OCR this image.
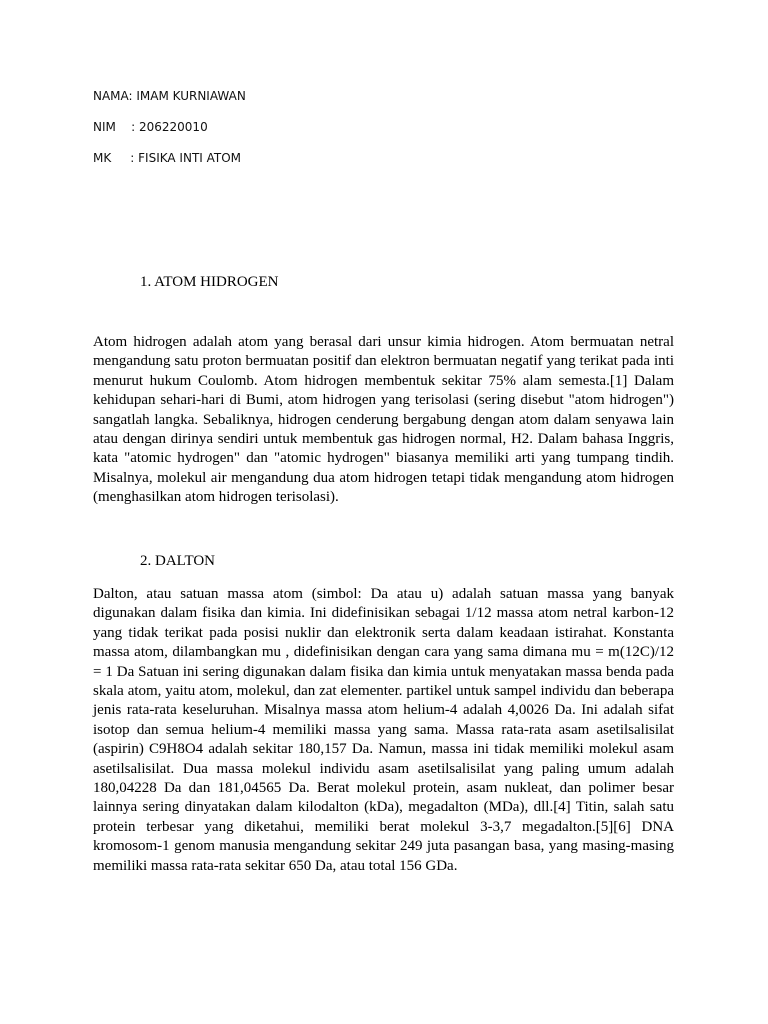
NAMA: IMAM KURNIAWAN
NIM    : 206220010
MK     : FISIKA INTI ATOM
1. ATOM HIDROGEN

Atom hidrogen adalah atom yang berasal dari unsur kimia hidrogen. Atom bermuatan netral mengandung satu proton bermuatan positif dan elektron bermuatan negatif yang terikat pada inti menurut hukum Coulomb. Atom hidrogen membentuk sekitar 75% alam semesta.[1] Dalam kehidupan sehari-hari di Bumi, atom hidrogen yang terisolasi (sering disebut "atom hidrogen") sangatlah langka. Sebaliknya, hidrogen cenderung bergabung dengan atom dalam senyawa lain atau dengan dirinya sendiri untuk membentuk gas hidrogen normal, H2. Dalam bahasa Inggris, kata "atomic hydrogen" dan "atomic hydrogen" biasanya memiliki arti yang tumpang tindih. Misalnya, molekul air mengandung dua atom hidrogen tetapi tidak mengandung atom hidrogen (menghasilkan atom hidrogen terisolasi).

2. DALTON

Dalton, atau satuan massa atom (simbol: Da atau u) adalah satuan massa yang banyak digunakan dalam fisika dan kimia. Ini didefinisikan sebagai 1/12 massa atom netral karbon-12 yang tidak terikat pada posisi nuklir dan elektronik serta dalam keadaan istirahat. Konstanta massa atom, dilambangkan mu , didefinisikan dengan cara yang sama dimana mu = m(12C)/12 = 1 Da Satuan ini sering digunakan dalam fisika dan kimia untuk menyatakan massa benda pada skala atom, yaitu atom, molekul, dan zat elementer. partikel untuk sampel individu dan beberapa jenis rata-rata keseluruhan. Misalnya massa atom helium-4 adalah 4,0026 Da. Ini adalah sifat isotop dan semua helium-4 memiliki massa yang sama. Massa rata-rata asam asetilsalisilat (aspirin) C9H8O4 adalah sekitar 180,157 Da. Namun, massa ini tidak memiliki molekul asam asetilsalisilat. Dua massa molekul individu asam asetilsalisilat yang paling umum adalah 180,04228 Da dan 181,04565 Da. Berat molekul protein, asam nukleat, dan polimer besar lainnya sering dinyatakan dalam kilodalton (kDa), megadalton (MDa), dll.[4] Titin, salah satu protein terbesar yang diketahui, memiliki berat molekul 3-3,7 megadalton.[5][6] DNA kromosom-1 genom manusia mengandung sekitar 249 juta pasangan basa, yang masing-masing memiliki massa rata-rata sekitar 650 Da, atau total 156 GDa.
